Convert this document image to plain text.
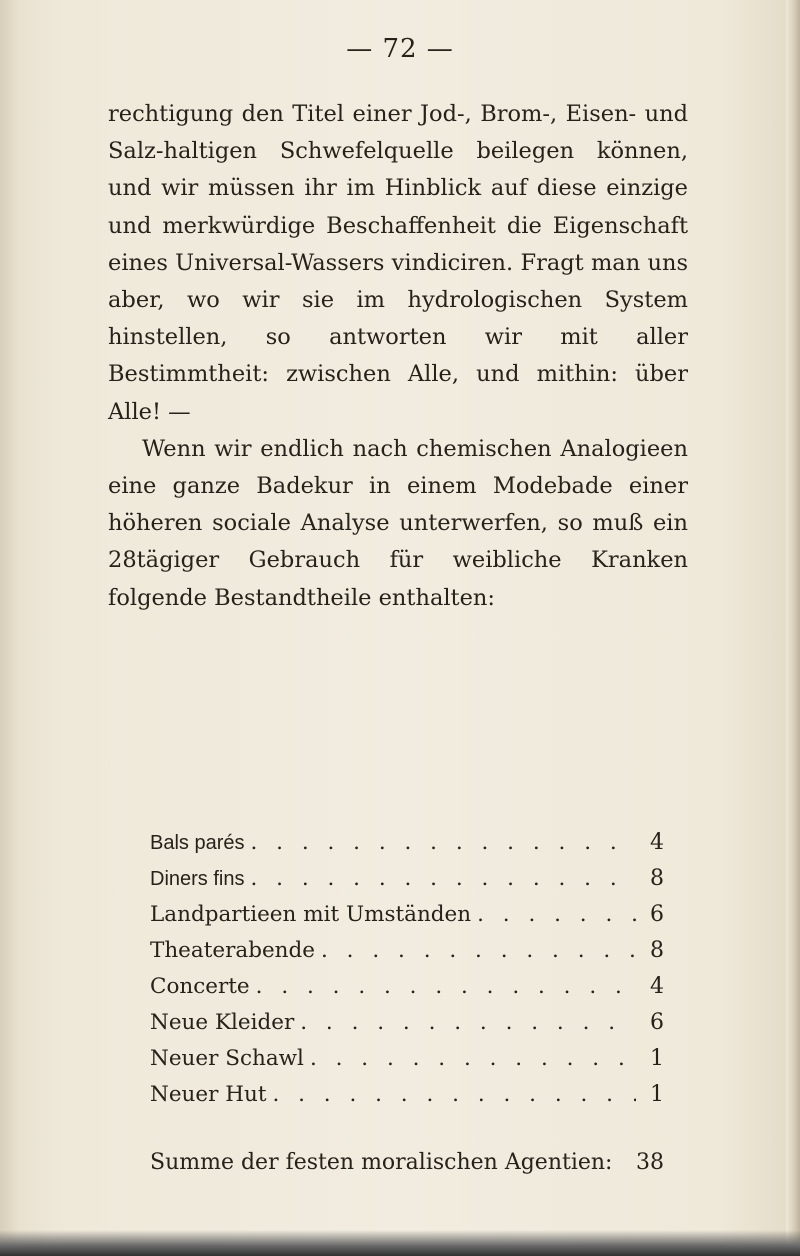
— 72 —

rechtigung den Titel einer Jod-, Brom-, Eisen- und Salz-haltigen Schwefelquelle beilegen können, und wir müssen ihr im Hinblick auf diese einzige und merkwürdige Beschaffenheit die Eigenschaft eines Universal-Wassers vindiciren. Fragt man uns aber, wo wir sie im hydrologischen System hinstellen, so antworten wir mit aller Bestimmtheit: zwischen Alle, und mithin: über Alle! —

Wenn wir endlich nach chemischen Analogieen eine ganze Badekur in einem Modebade einer höheren sociale Analyse unterwerfen, so muß ein 28tägiger Gebrauch für weibliche Kranken folgende Bestandtheile enthalten:

Bals parés . . .	4
Diners fins . . .	8
Landpartieen mit Umständen . . .	6
Theaterabende . . .	8
Concerte . . .	4
Neue Kleider . . .	6
Neuer Schawl . . .	1
Neuer Hut . . .	1
Summe der festen moralischen Agentien: 38
